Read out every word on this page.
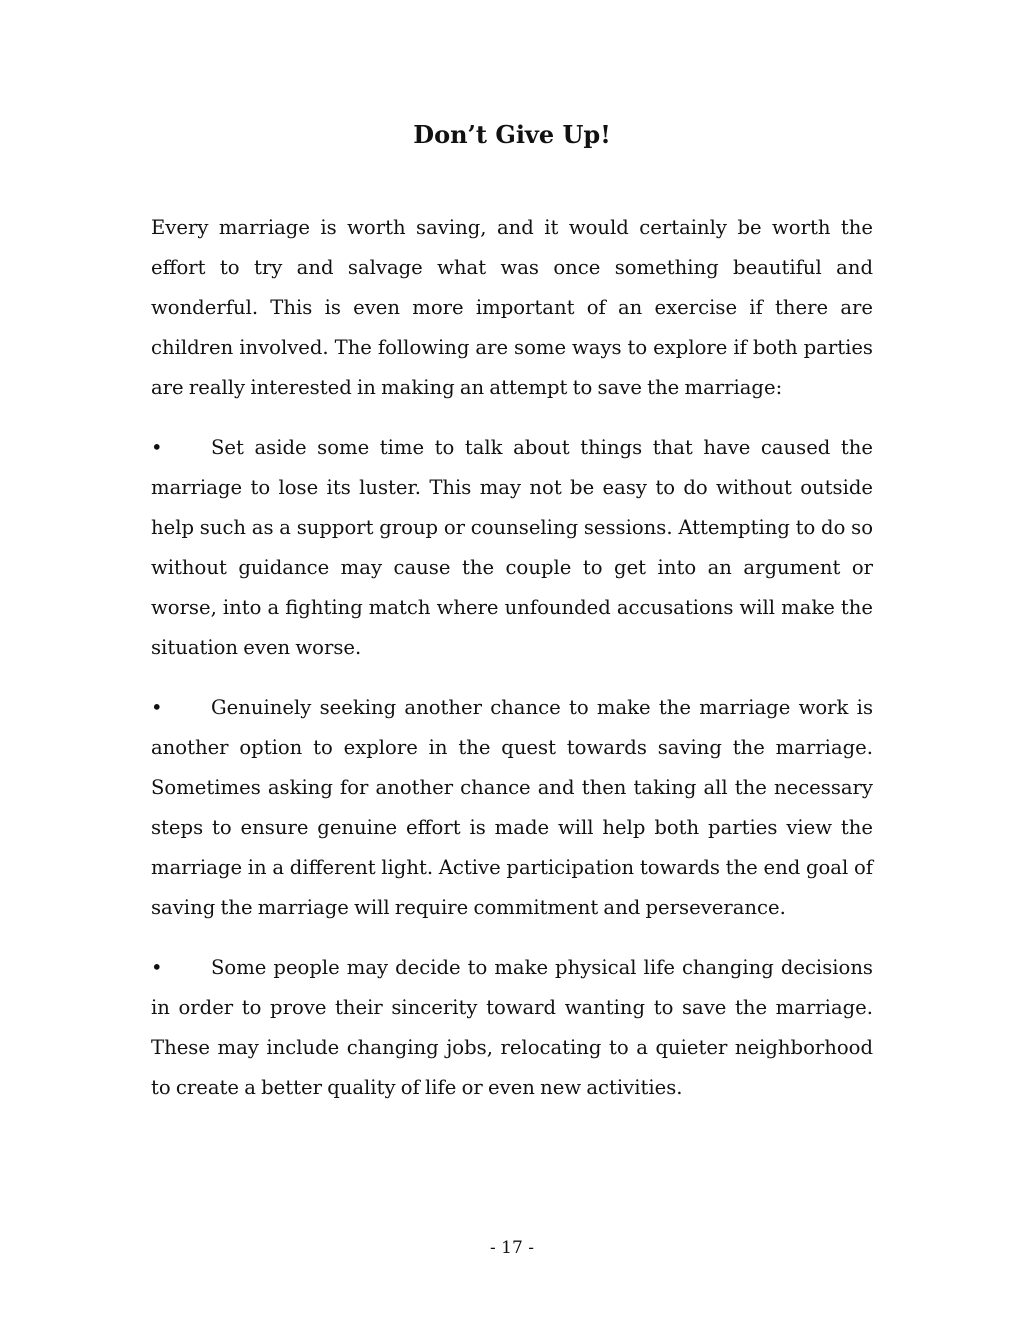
Don’t Give Up!

Every marriage is worth saving, and it would certainly be worth the effort to try and salvage what was once something beautiful and wonderful. This is even more important of an exercise if there are children involved. The following are some ways to explore if both parties are really interested in making an attempt to save the marriage:

• Set aside some time to talk about things that have caused the marriage to lose its luster. This may not be easy to do without outside help such as a support group or counseling sessions. Attempting to do so without guidance may cause the couple to get into an argument or worse, into a fighting match where unfounded accusations will make the situation even worse.

• Genuinely seeking another chance to make the marriage work is another option to explore in the quest towards saving the marriage. Sometimes asking for another chance and then taking all the necessary steps to ensure genuine effort is made will help both parties view the marriage in a different light. Active participation towards the end goal of saving the marriage will require commitment and perseverance.

• Some people may decide to make physical life changing decisions in order to prove their sincerity toward wanting to save the marriage. These may include changing jobs, relocating to a quieter neighborhood to create a better quality of life or even new activities.

- 17 -
